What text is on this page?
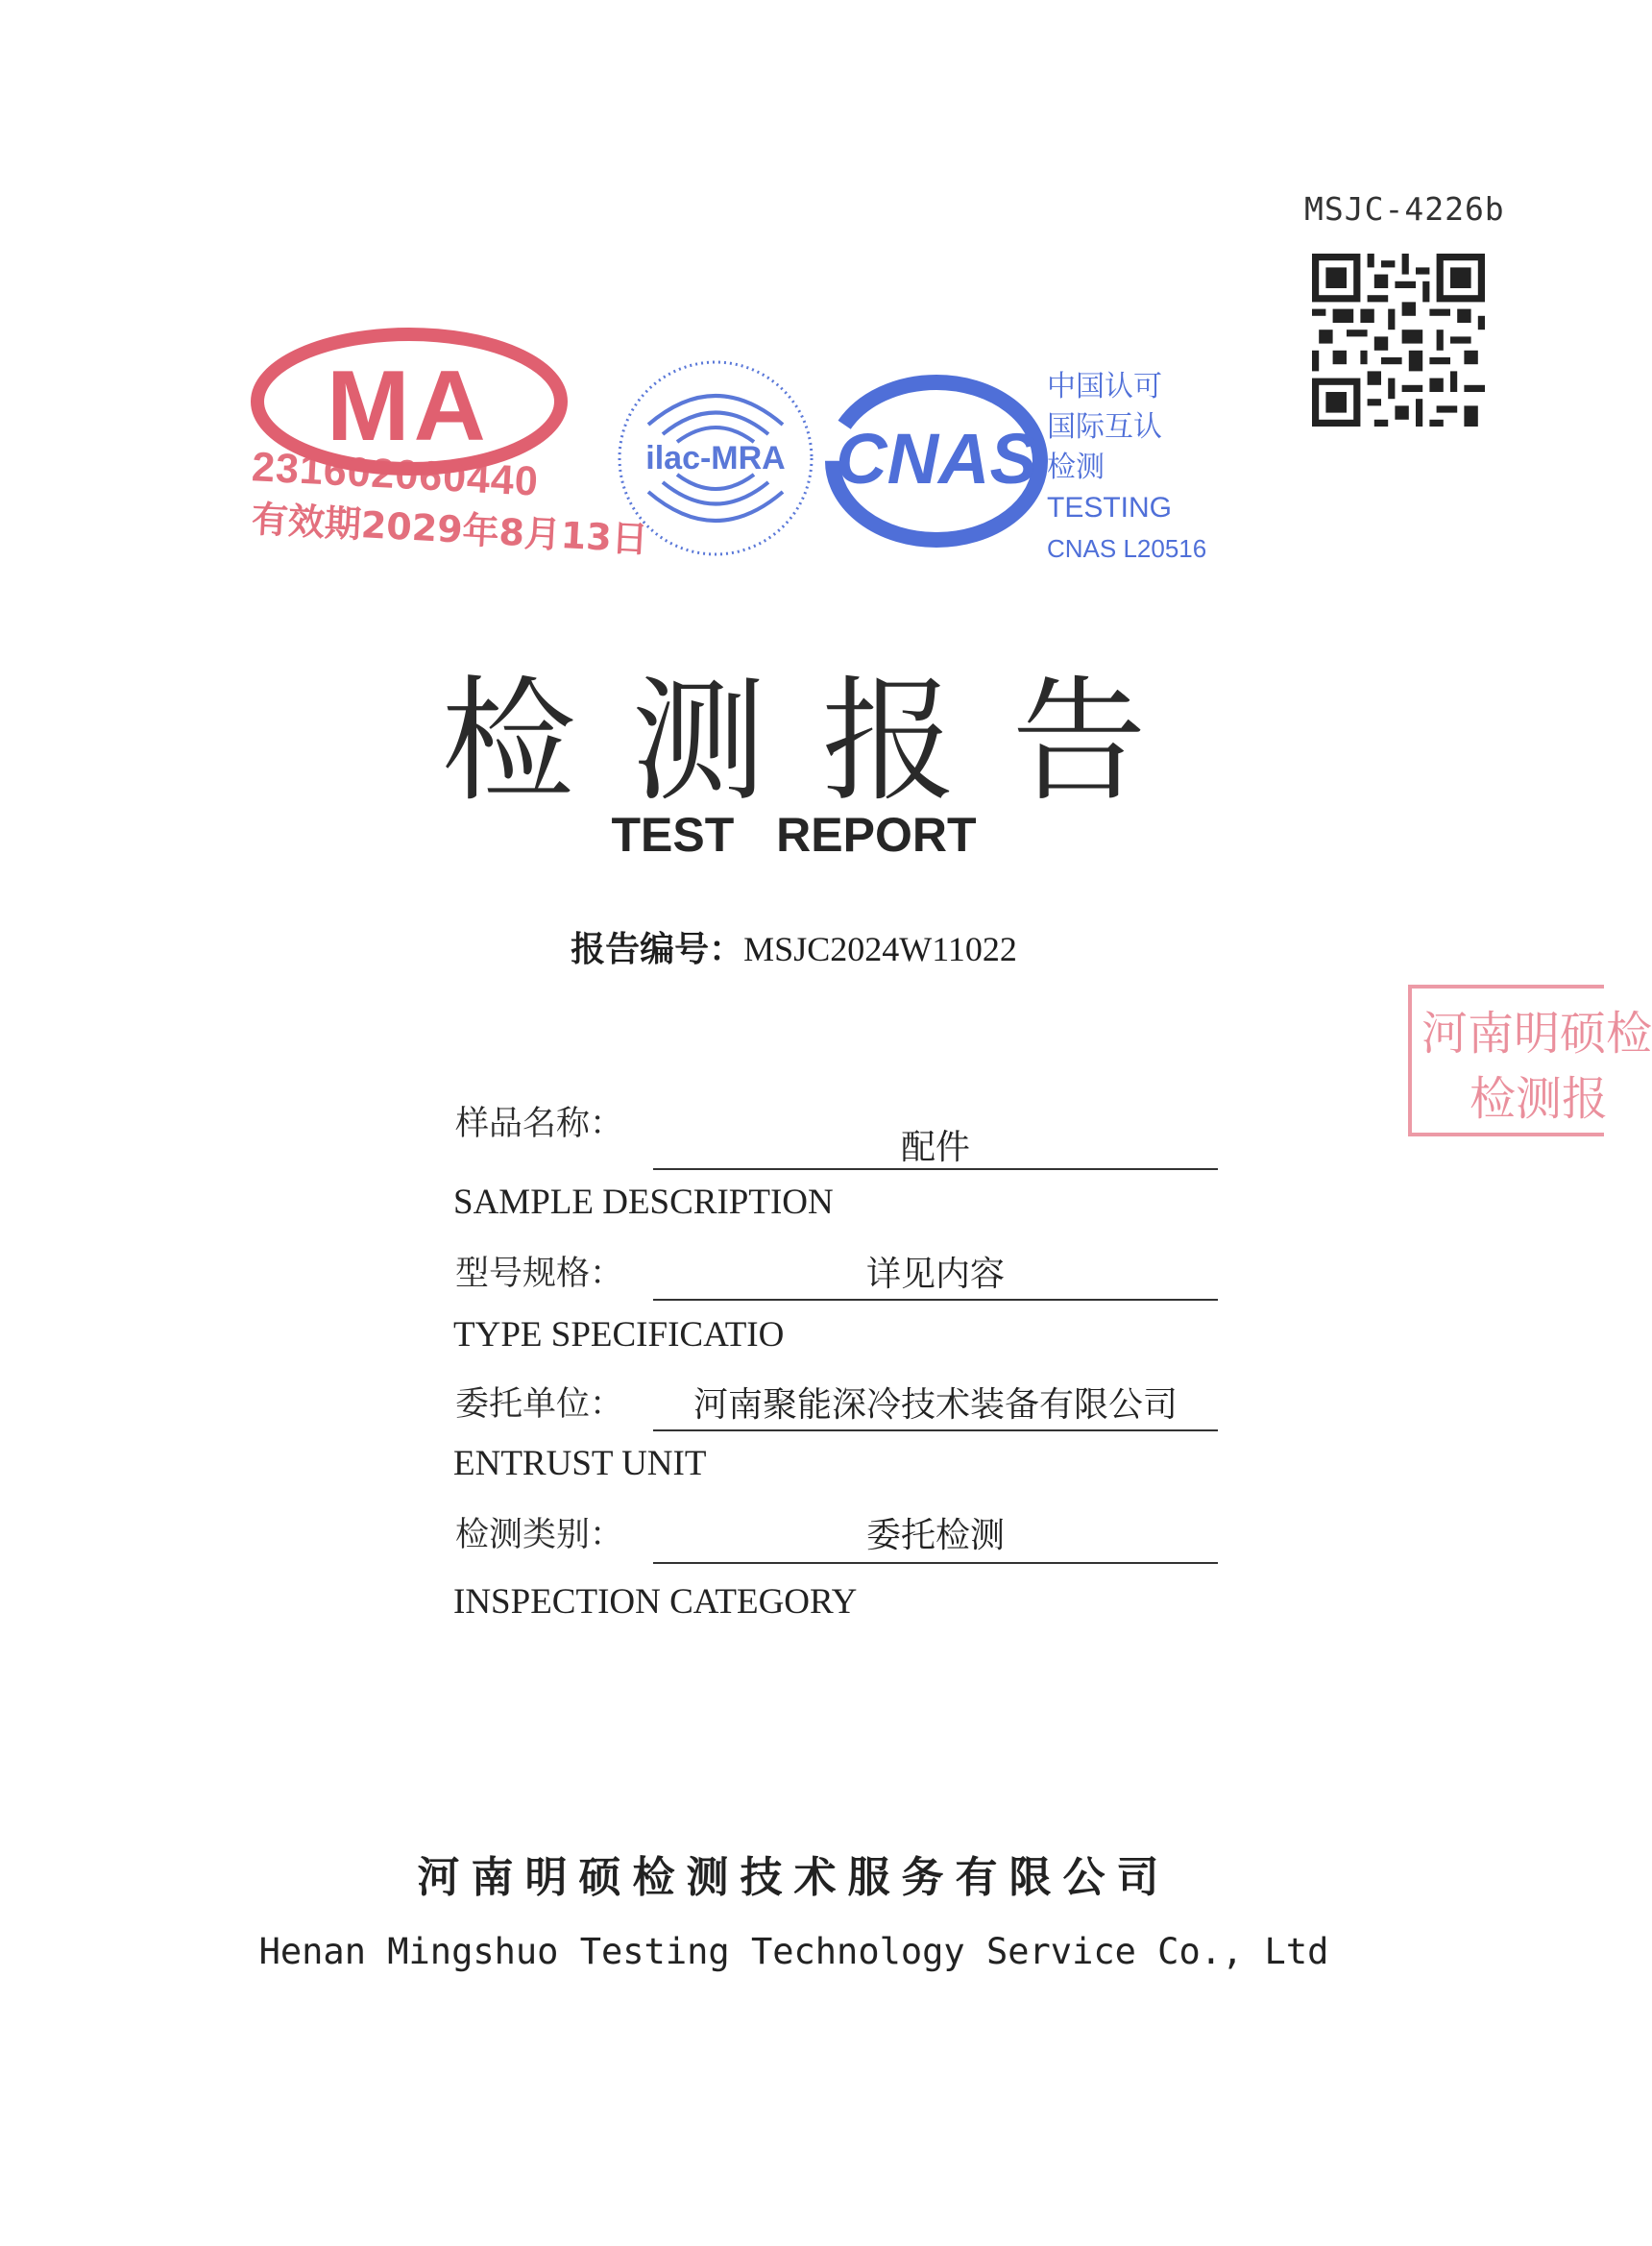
MSJC-4226b
MA
231602060440
有效期2029年8月13日
ilac-MRA CNAS
中国认可
国际互认
检测
TESTING
CNAS L20516
检测报告
TEST REPORT
报告编号：MSJC2024W11022
河南明硕检
检测报
样品名称：
配件
SAMPLE DESCRIPTION
型号规格：	详见内容
TYPE SPECIFICATIO
委托单位：	河南聚能深冷技术装备有限公司
ENTRUST UNIT
检测类别：	委托检测
INSPECTION CATEGORY
河南明硕检测技术服务有限公司
Henan Mingshuo Testing Technology Service Co., Ltd
